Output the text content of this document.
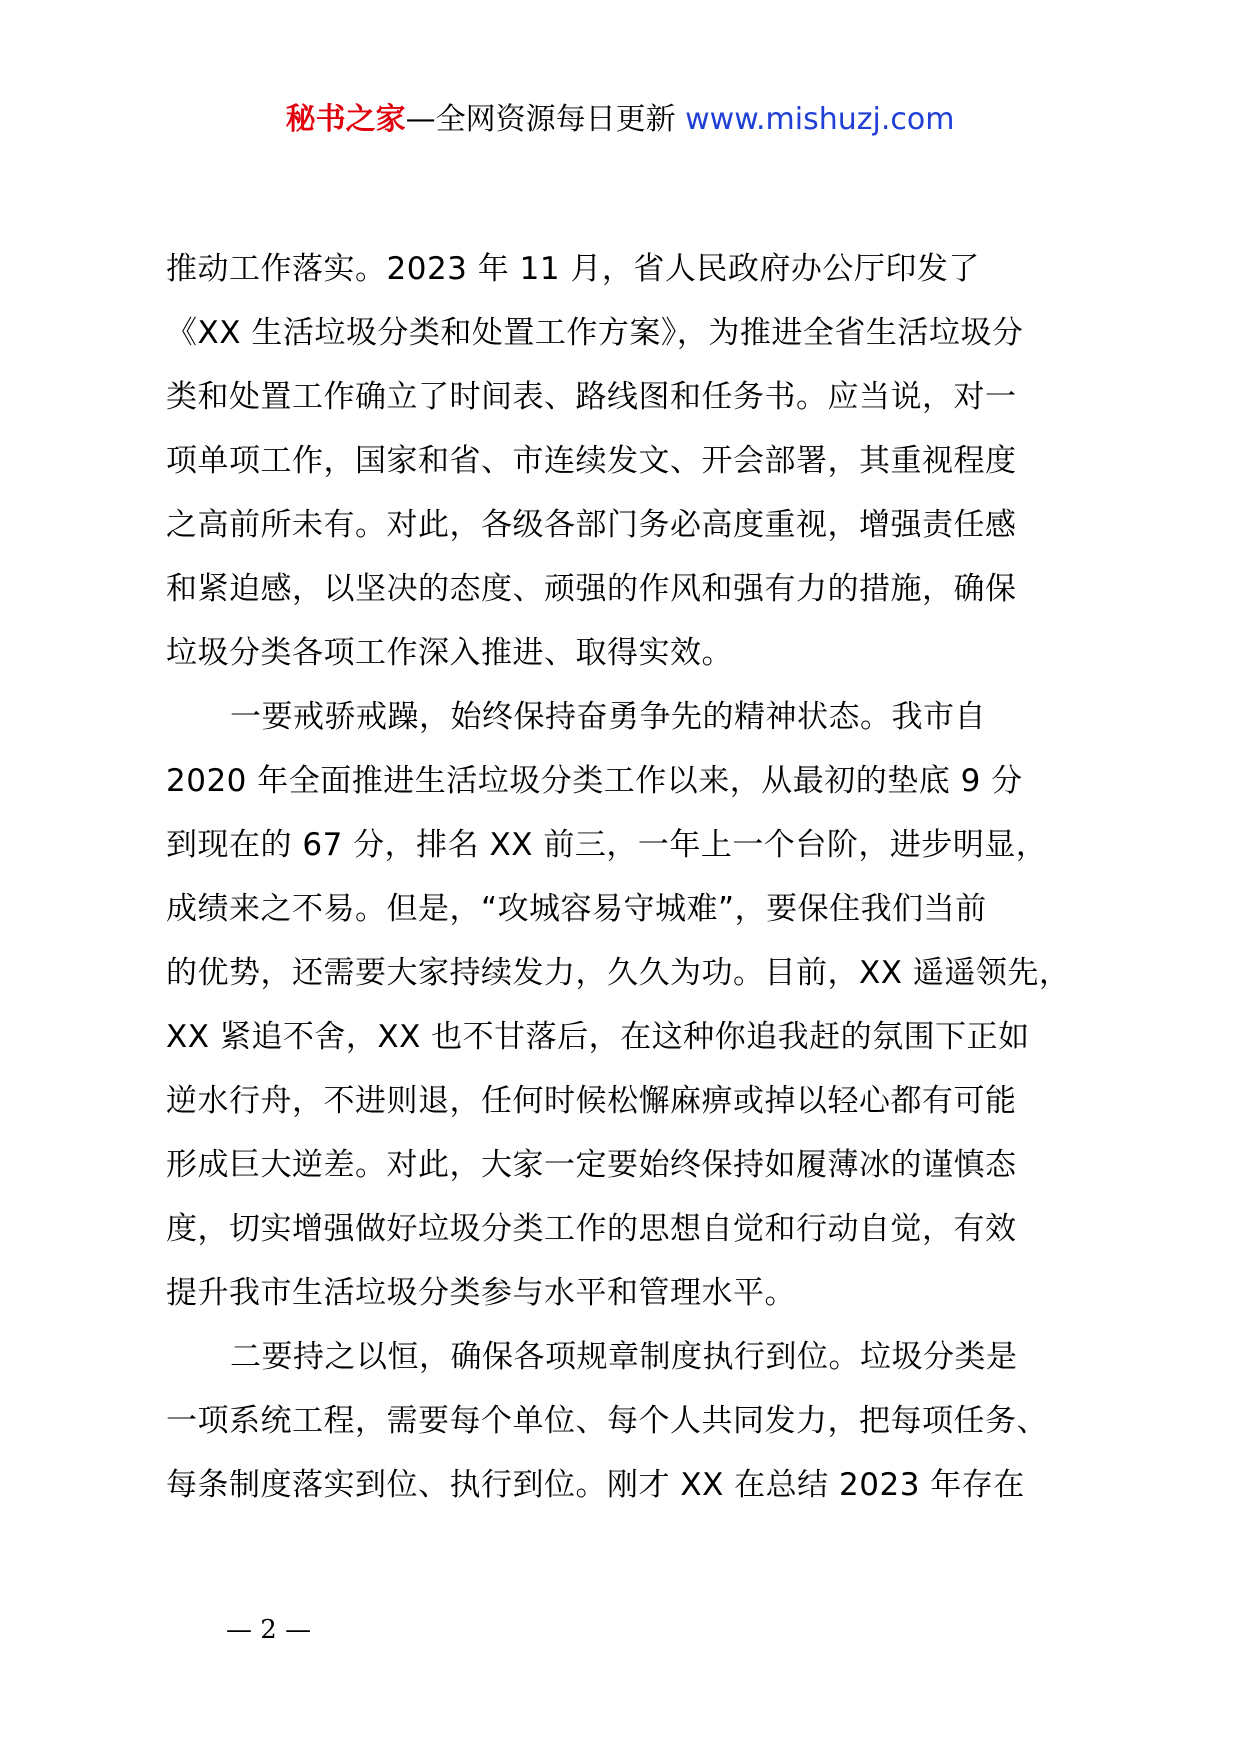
秘书之家—全网资源每日更新 www.mishuzj.com

推动工作落实。2023 年 11 月，省人民政府办公厅印发了
《XX 生活垃圾分类和处置工作方案》，为推进全省生活垃圾分
类和处置工作确立了时间表、路线图和任务书。应当说，对一
项单项工作，国家和省、市连续发文、开会部署，其重视程度
之高前所未有。对此，各级各部门务必高度重视，增强责任感
和紧迫感，以坚决的态度、顽强的作风和强有力的措施，确保
垃圾分类各项工作深入推进、取得实效。

一要戒骄戒躁，始终保持奋勇争先的精神状态。我市自
2020 年全面推进生活垃圾分类工作以来，从最初的垫底 9 分
到现在的 67 分，排名 XX 前三，一年上一个台阶，进步明显，
成绩来之不易。但是，“攻城容易守城难”，要保住我们当前
的优势，还需要大家持续发力，久久为功。目前，XX 遥遥领先，
XX 紧追不舍，XX 也不甘落后，在这种你追我赶的氛围下正如
逆水行舟，不进则退，任何时候松懈麻痹或掉以轻心都有可能
形成巨大逆差。对此，大家一定要始终保持如履薄冰的谨慎态
度，切实增强做好垃圾分类工作的思想自觉和行动自觉，有效
提升我市生活垃圾分类参与水平和管理水平。

二要持之以恒，确保各项规章制度执行到位。垃圾分类是
一项系统工程，需要每个单位、每个人共同发力，把每项任务、
每条制度落实到位、执行到位。刚才 XX 在总结 2023 年存在

— 2 —
